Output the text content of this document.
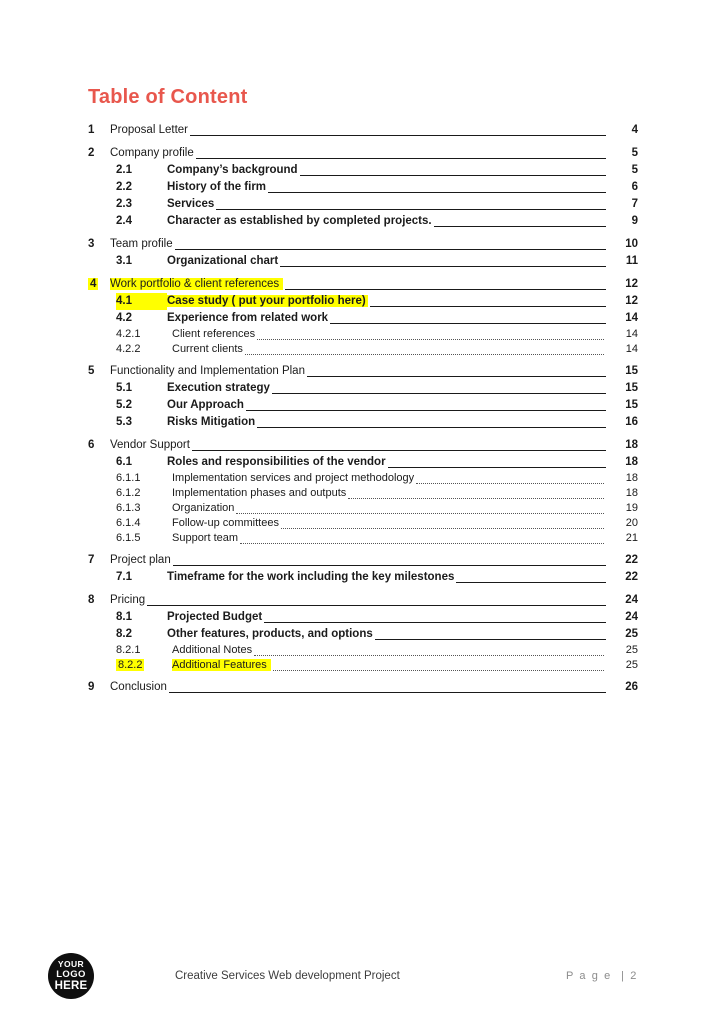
Table of Content
1	Proposal Letter	4
2	Company profile	5
2.1	Company’s background	5
2.2	History of the firm	6
2.3	Services	7
2.4	Character as established by completed projects.	9
3	Team profile	10
3.1	Organizational chart	11
4	Work portfolio & client references	12
4.1	Case study ( put your portfolio here)	12
4.2	Experience from related work	14
4.2.1	Client references	14
4.2.2	Current clients	14
5	Functionality and Implementation Plan	15
5.1	Execution strategy	15
5.2	Our Approach	15
5.3	Risks Mitigation	16
6	Vendor Support	18
6.1	Roles and responsibilities of the vendor	18
6.1.1	Implementation services and project methodology	18
6.1.2	Implementation phases and outputs	18
6.1.3	Organization	19
6.1.4	Follow-up committees	20
6.1.5	Support team	21
7	Project plan	22
7.1	Timeframe for the work including the key milestones	22
8	Pricing	24
8.1	Projected Budget	24
8.2	Other features, products, and options	25
8.2.1	Additional Notes	25
8.2.2	Additional Features	25
9	Conclusion	26
YOUR
LOGO
HERE
Creative Services Web development Project	P a g e  | 2
